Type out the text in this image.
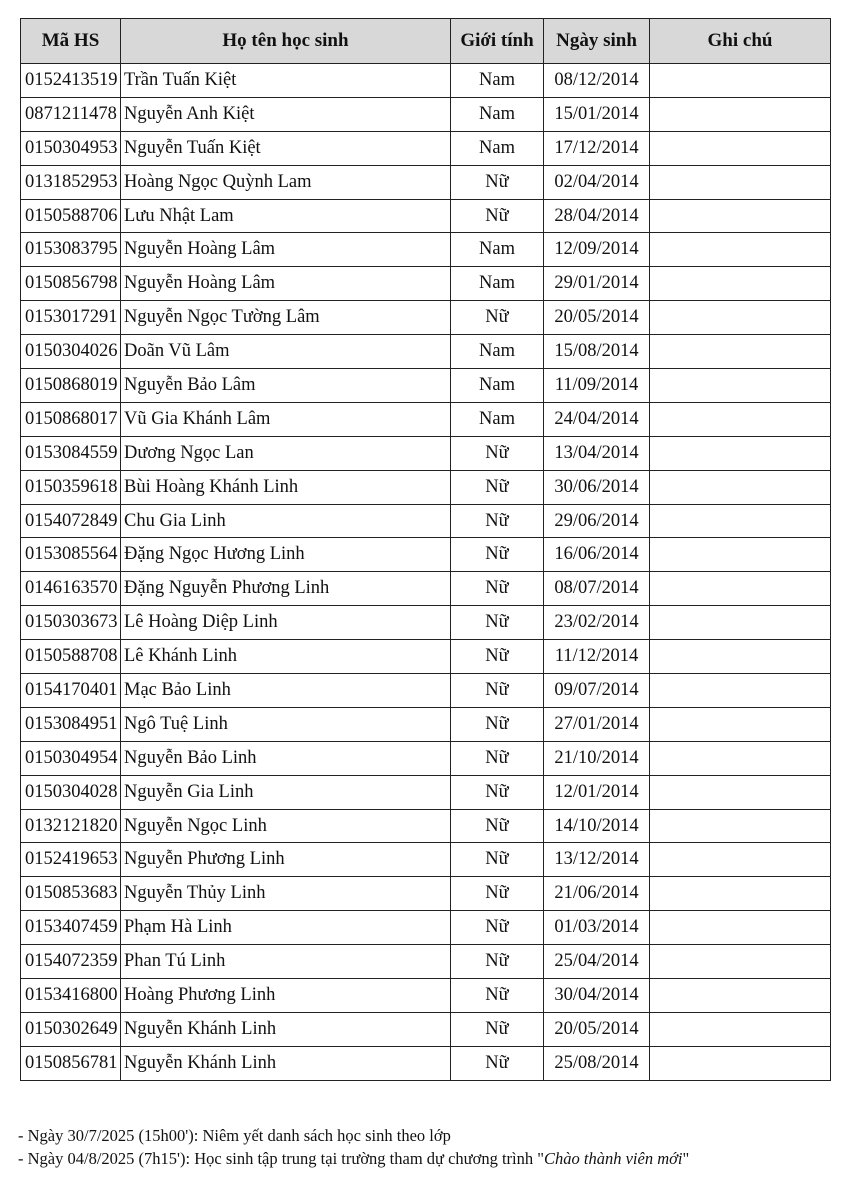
Mã HS	Họ tên học sinh	Giới tính	Ngày sinh	Ghi chú
0152413519	Trần Tuấn Kiệt	Nam	08/12/2014	
0871211478	Nguyễn Anh Kiệt	Nam	15/01/2014	
0150304953	Nguyễn Tuấn Kiệt	Nam	17/12/2014	
0131852953	Hoàng Ngọc Quỳnh Lam	Nữ	02/04/2014	
0150588706	Lưu Nhật Lam	Nữ	28/04/2014	
0153083795	Nguyễn Hoàng Lâm	Nam	12/09/2014	
0150856798	Nguyễn Hoàng Lâm	Nam	29/01/2014	
0153017291	Nguyễn Ngọc Tường Lâm	Nữ	20/05/2014	
0150304026	Doãn Vũ Lâm	Nam	15/08/2014	
0150868019	Nguyễn Bảo Lâm	Nam	11/09/2014	
0150868017	Vũ Gia Khánh Lâm	Nam	24/04/2014	
0153084559	Dương Ngọc Lan	Nữ	13/04/2014	
0150359618	Bùi Hoàng Khánh Linh	Nữ	30/06/2014	
0154072849	Chu Gia Linh	Nữ	29/06/2014	
0153085564	Đặng Ngọc Hương Linh	Nữ	16/06/2014	
0146163570	Đặng Nguyễn Phương Linh	Nữ	08/07/2014	
0150303673	Lê Hoàng Diệp Linh	Nữ	23/02/2014	
0150588708	Lê Khánh Linh	Nữ	11/12/2014	
0154170401	Mạc Bảo Linh	Nữ	09/07/2014	
0153084951	Ngô Tuệ Linh	Nữ	27/01/2014	
0150304954	Nguyễn Bảo Linh	Nữ	21/10/2014	
0150304028	Nguyễn Gia Linh	Nữ	12/01/2014	
0132121820	Nguyễn Ngọc Linh	Nữ	14/10/2014	
0152419653	Nguyễn Phương Linh	Nữ	13/12/2014	
0150853683	Nguyễn Thủy Linh	Nữ	21/06/2014	
0153407459	Phạm Hà Linh	Nữ	01/03/2014	
0154072359	Phan Tú Linh	Nữ	25/04/2014	
0153416800	Hoàng Phương Linh	Nữ	30/04/2014	
0150302649	Nguyễn Khánh Linh	Nữ	20/05/2014	
0150856781	Nguyễn Khánh Linh	Nữ	25/08/2014	
- Ngày 30/7/2025 (15h00'): Niêm yết danh sách học sinh theo lớp
- Ngày 04/8/2025 (7h15'): Học sinh tập trung tại trường tham dự chương trình "Chào thành viên mới"
